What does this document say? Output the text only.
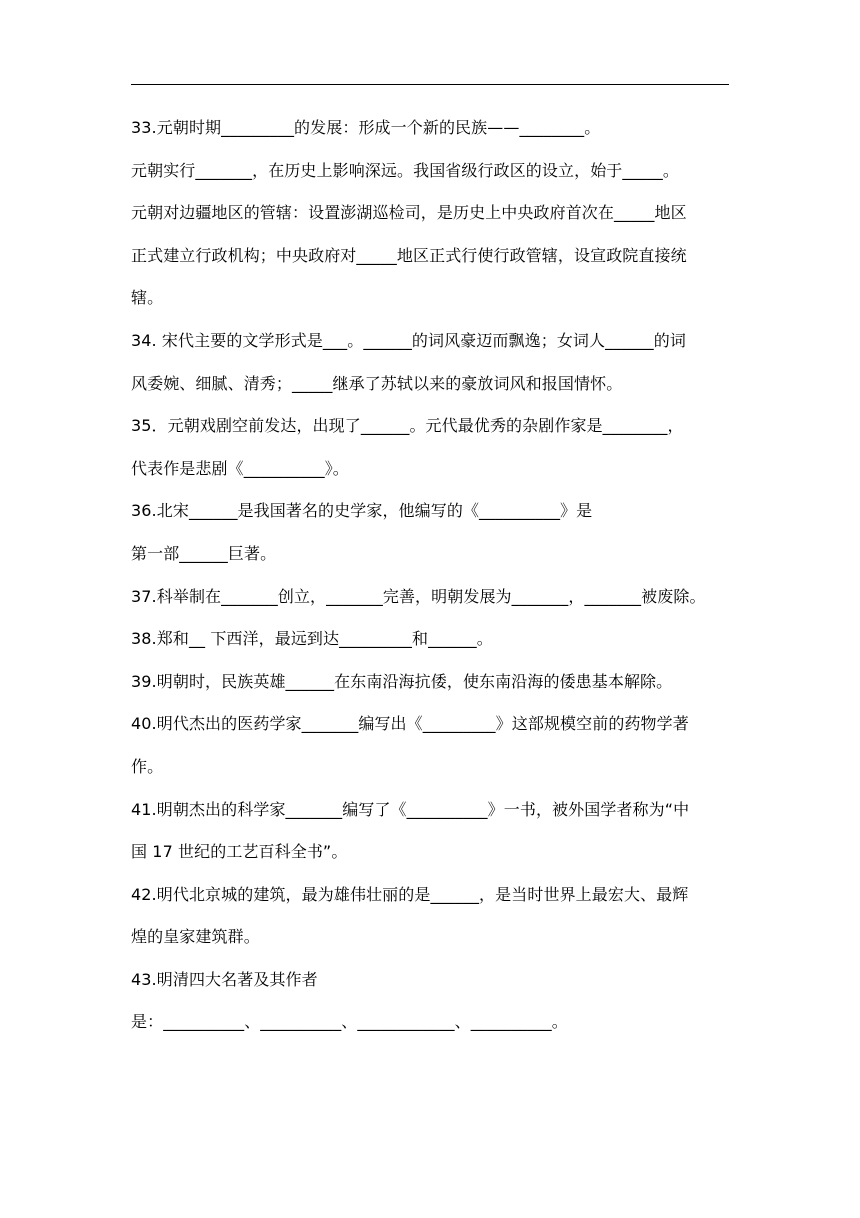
33.元朝时期_________的发展：形成一个新的民族——________。
元朝实行_______，在历史上影响深远。我国省级行政区的设立，始于_____。
元朝对边疆地区的管辖：设置澎湖巡检司，是历史上中央政府首次在_____地区
正式建立行政机构；中央政府对_____地区正式行使行政管辖，设宣政院直接统
辖。
34. 宋代主要的文学形式是___。______的词风豪迈而飘逸；女词人______的词
风委婉、细腻、清秀；_____继承了苏轼以来的豪放词风和报国情怀。
35．元朝戏剧空前发达，出现了______。元代最优秀的杂剧作家是________，
代表作是悲剧《__________》。
36.北宋______是我国著名的史学家，他编写的《__________》是
第一部______巨著。
37.科举制在_______创立，_______完善，明朝发展为_______，_______被废除。
38.郑和__ 下西洋，最远到达_________和______。
39.明朝时，民族英雄______在东南沿海抗倭，使东南沿海的倭患基本解除。
40.明代杰出的医药学家_______编写出《_________》这部规模空前的药物学著
作。
41.明朝杰出的科学家_______编写了《__________》一书，被外国学者称为“中
国 17 世纪的工艺百科全书”。
42.明代北京城的建筑，最为雄伟壮丽的是______，是当时世界上最宏大、最辉
煌的皇家建筑群。
43.明清四大名著及其作者
是：__________、__________、____________、__________。
